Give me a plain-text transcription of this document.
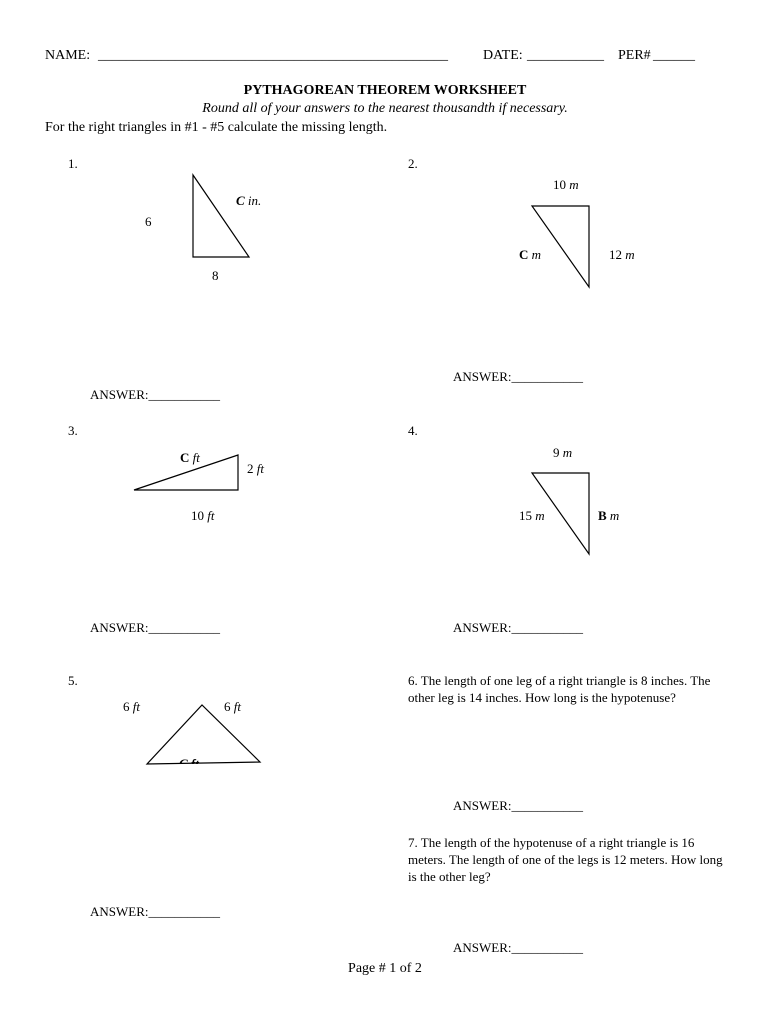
NAME: __________________________________________________	DATE: ___________ PER# ______
PYTHAGOREAN THEOREM WORKSHEET
Round all of your answers to the nearest thousandth if necessary.
For the right triangles in #1 - #5 calculate the missing length.
1.
C in.
6
8
ANSWER:___________
2.
10 m
C m	12 m
ANSWER:___________
3.
C ft
2 ft
10 ft
ANSWER:___________
4.
9 m
15 m	B m
ANSWER:___________
5.
6 ft	6 ft
ANSWER:___________
6. The length of one leg of a right triangle is 8 inches. The other leg is 14 inches. How long is the hypotenuse?
ANSWER:___________
7. The length of the hypotenuse of a right triangle is 16 meters. The length of one of the legs is 12 meters. How long is the other leg?
ANSWER:___________
Page # 1 of 2
